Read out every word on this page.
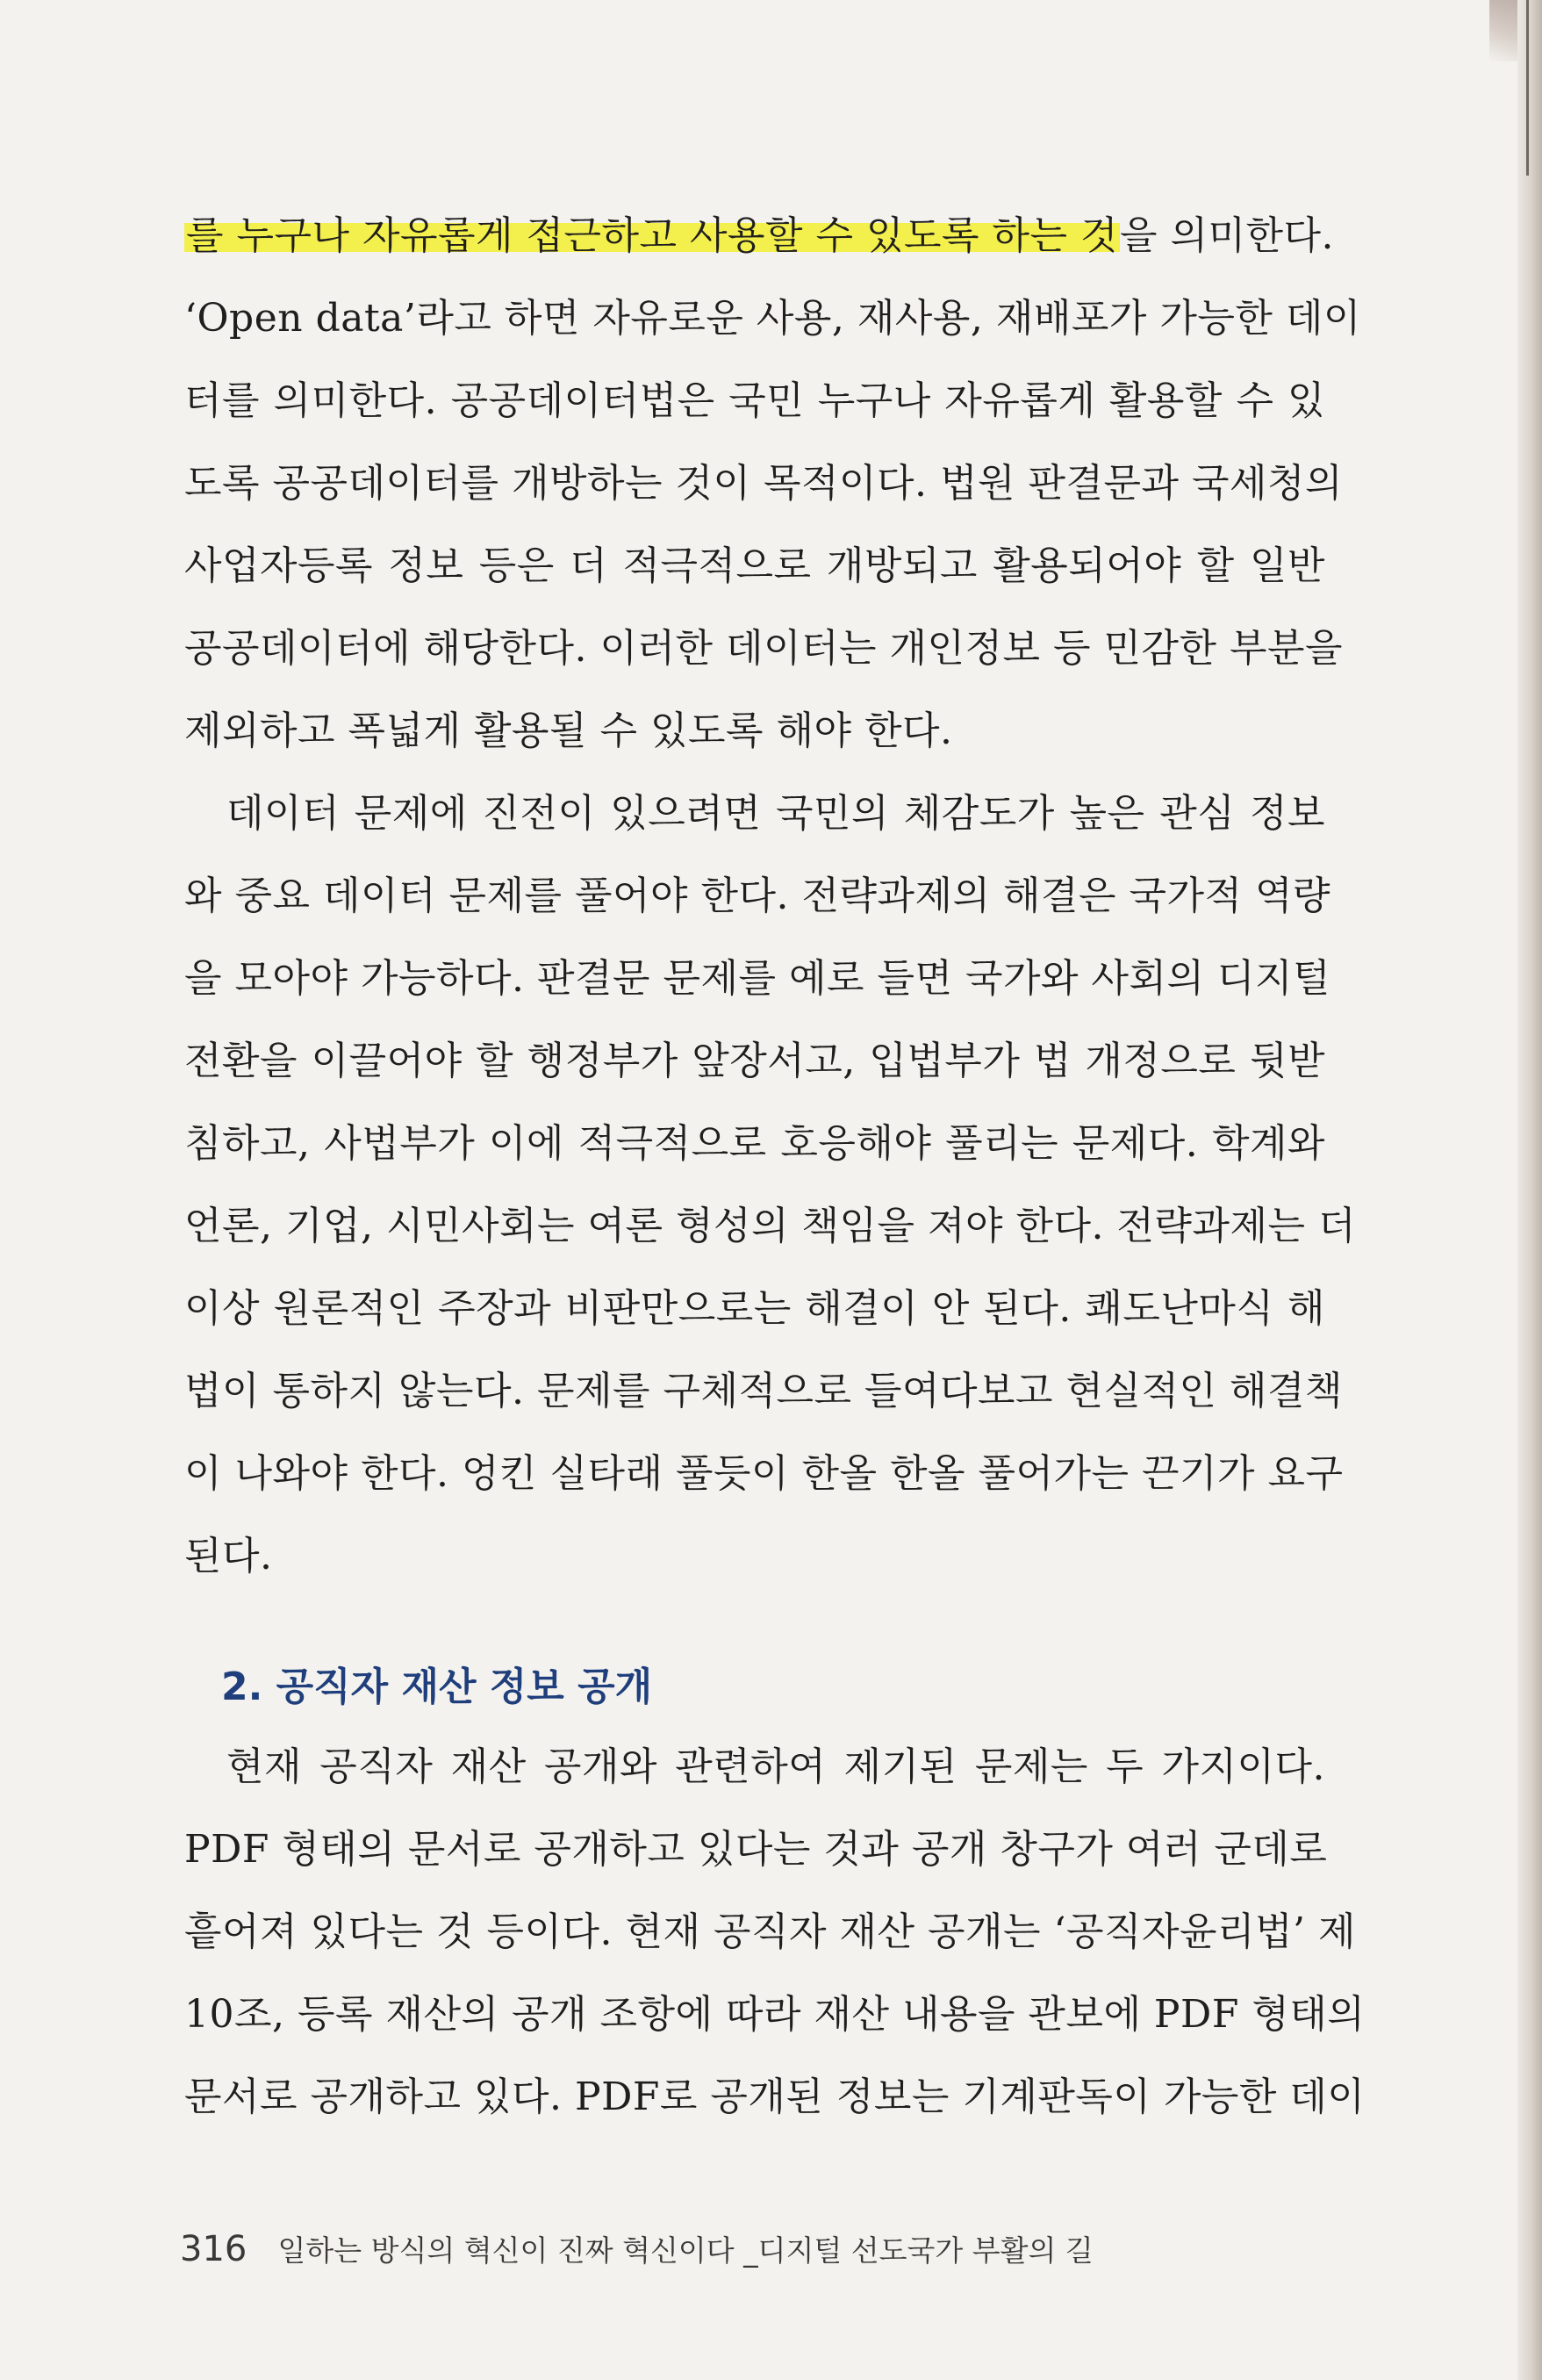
를 누구나 자유롭게 접근하고 사용할 수 있도록 하는 것을 의미한다.
‘Open data’라고 하면 자유로운 사용, 재사용, 재배포가 가능한 데이
터를 의미한다. 공공데이터법은 국민 누구나 자유롭게 활용할 수 있
도록 공공데이터를 개방하는 것이 목적이다. 법원 판결문과 국세청의
사업자등록 정보 등은 더 적극적으로 개방되고 활용되어야 할 일반
공공데이터에 해당한다. 이러한 데이터는 개인정보 등 민감한 부분을
제외하고 폭넓게 활용될 수 있도록 해야 한다.
데이터 문제에 진전이 있으려면 국민의 체감도가 높은 관심 정보
와 중요 데이터 문제를 풀어야 한다. 전략과제의 해결은 국가적 역량
을 모아야 가능하다. 판결문 문제를 예로 들면 국가와 사회의 디지털
전환을 이끌어야 할 행정부가 앞장서고, 입법부가 법 개정으로 뒷받
침하고, 사법부가 이에 적극적으로 호응해야 풀리는 문제다. 학계와
언론, 기업, 시민사회는 여론 형성의 책임을 져야 한다. 전략과제는 더
이상 원론적인 주장과 비판만으로는 해결이 안 된다. 쾌도난마식 해
법이 통하지 않는다. 문제를 구체적으로 들여다보고 현실적인 해결책
이 나와야 한다. 엉킨 실타래 풀듯이 한올 한올 풀어가는 끈기가 요구
된다.
2. 공직자 재산 정보 공개
현재 공직자 재산 공개와 관련하여 제기된 문제는 두 가지이다.
PDF 형태의 문서로 공개하고 있다는 것과 공개 창구가 여러 군데로
흩어져 있다는 것 등이다. 현재 공직자 재산 공개는 ‘공직자윤리법’ 제
10조, 등록 재산의 공개 조항에 따라 재산 내용을 관보에 PDF 형태의
문서로 공개하고 있다. PDF로 공개된 정보는 기계판독이 가능한 데이
316 일하는 방식의 혁신이 진짜 혁신이다 _디지털 선도국가 부활의 길
